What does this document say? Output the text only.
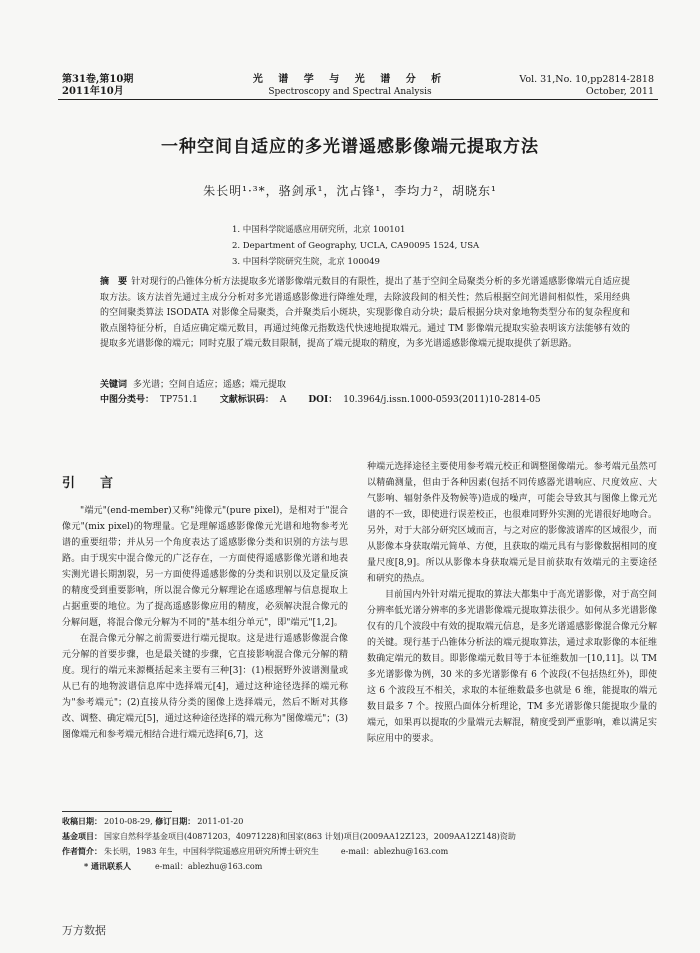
第31卷,第10期
2011年10月
光 谱 学 与 光 谱 分 析
Spectroscopy and Spectral Analysis
Vol. 31,No. 10,pp2814-2818
October, 2011
一种空间自适应的多光谱遥感影像端元提取方法
朱长明¹·³*，骆剑承¹，沈占锋¹，李均力²，胡晓东¹
1. 中国科学院遥感应用研究所，北京 100101
2. Department of Geography, UCLA, CA90095 1524, USA
3. 中国科学院研究生院，北京 100049
摘　要 针对现行的凸锥体分析方法提取多光谱影像端元数目的有限性，提出了基于空间全局聚类分析的多光谱遥感影像端元自适应提取方法。该方法首先通过主成分分析对多光谱遥感影像进行降维处理，去除波段间的相关性；然后根据空间光谱间相似性，采用经典的空间聚类算法 ISODATA 对影像全局聚类，合并聚类后小斑块，实现影像自动分块；最后根据分块对象地物类型分布的复杂程度和散点图特征分析，自适应确定端元数目，再通过纯像元指数迭代快速地提取端元。通过 TM 影像端元提取实验表明该方法能够有效的提取多光谱影像的端元；同时克服了端元数目限制，提高了端元提取的精度，为多光谱遥感影像端元提取提供了新思路。
关键词 多光谱；空间自适应；遥感；端元提取
中图分类号： TP751.1 文献标识码： A DOI： 10.3964/j.issn.1000-0593(2011)10-2814-05
引　言

"端元"(end-member)又称"纯像元"(pure pixel)，是相对于"混合像元"(mix pixel)的物理量。它是理解遥感影像像元光谱和地物参考光谱的重要纽带；并从另一个角度表达了遥感影像分类和识别的方法与思路。由于现实中混合像元的广泛存在，一方面使得遥感影像光谱和地表实测光谱长期割裂，另一方面使得遥感影像的分类和识别以及定量反演的精度受到重要影响，所以混合像元分解理论在遥感理解与信息提取上占据重要的地位。为了提高遥感影像应用的精度，必须解决混合像元的分解问题，将混合像元分解为不同的"基本组分单元"，即"端元"[1,2]。

在混合像元分解之前需要进行端元提取。这是进行遥感影像混合像元分解的首要步骤，也是最关键的步骤，它直接影响混合像元分解的精度。现行的端元来源概括起来主要有三种[3]：(1)根据野外波谱测量或从已有的地物波谱信息库中选择端元[4]，通过这种途径选择的端元称为"参考端元"；(2)直接从待分类的图像上选择端元，然后不断对其修改、调整、确定端元[5]，通过这种途径选择的端元称为"图像端元"；(3)图像端元和参考端元相结合进行端元选择[6,7]，这

种端元选择途径主要使用参考端元校正和调整图像端元。参考端元虽然可以精确测量，但由于各种因素(包括不同传感器光谱响应、尺度效应、大气影响、辐射条件及物候等)造成的噪声，可能会导致其与图像上像元光谱的不一致，即使进行误差校正，也很难同野外实测的光谱很好地吻合。另外，对于大部分研究区域而言，与之对应的影像波谱库的区域很少，而从影像本身获取端元简单、方便，且获取的端元具有与影像数据相同的度量尺度[8,9]。所以从影像本身获取端元是目前获取有效端元的主要途径和研究的热点。

目前国内外针对端元提取的算法大都集中于高光谱影像，对于高空间分辨率低光谱分辨率的多光谱影像端元提取算法很少。如何从多光谱影像仅有的几个波段中有效的提取端元信息，是多光谱遥感影像混合像元分解的关键。现行基于凸锥体分析法的端元提取算法，通过求取影像的本征维数确定端元的数目。即影像端元数目等于本征维数加一[10,11]。以 TM 多光谱影像为例，30 米的多光谱影像有 6 个波段(不包括热红外)，即使这 6 个波段互不相关，求取的本征维数最多也就是 6 维，能提取的端元数目最多 7 个。按照凸面体分析理论，TM 多光谱影像只能提取少量的端元，如果再以提取的少量端元去解混，精度受到严重影响，难以满足实际应用中的要求。

收稿日期： 2010-08-29, 修订日期： 2011-01-20
基金项目： 国家自然科学基金项目(40871203，40971228)和国家(863 计划)项目(2009AA12Z123，2009AA12Z148)资助
作者简介： 朱长明，1983 年生，中国科学院遥感应用研究所博士研究生	e-mail：ablezhu@163.com
* 通讯联系人	e-mail：ablezhu@163.com
万方数据
